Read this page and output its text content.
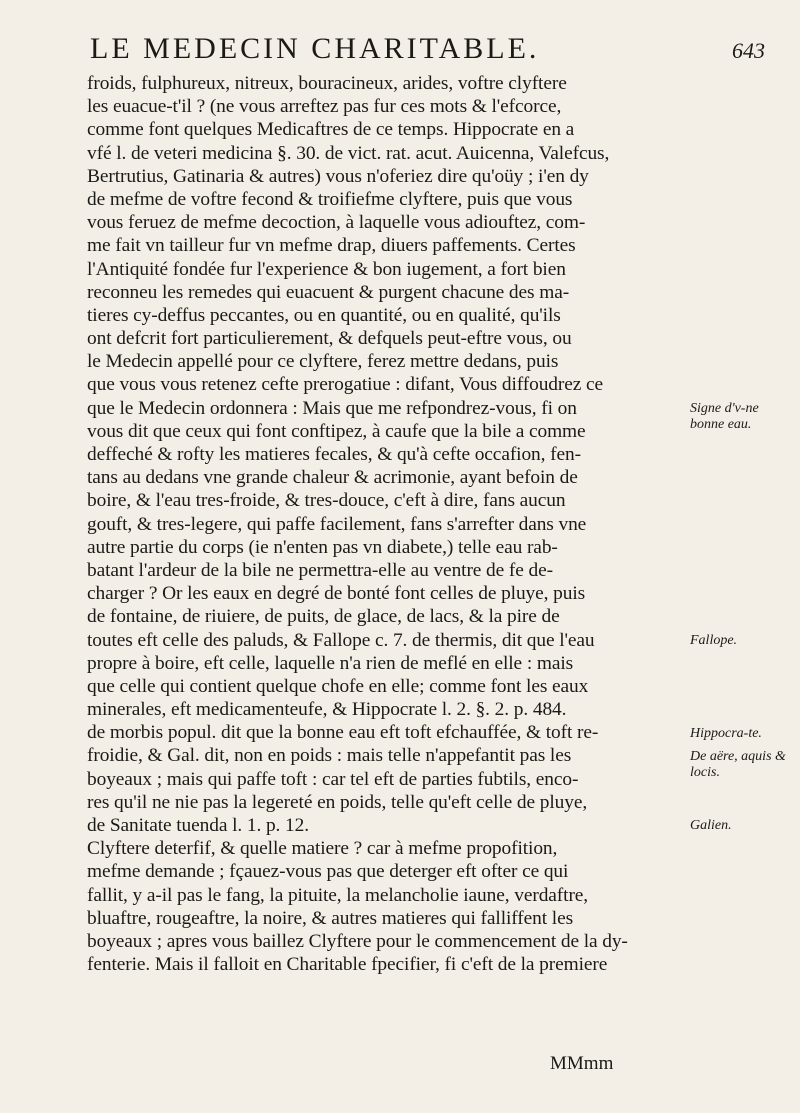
LE MEDECIN CHARITABLE.	643
froids, fulphureux, nitreux, bouracineux, arides, voftre clyftere
les euacue-t'il ? (ne vous arreftez pas fur ces mots & l'efcorce,
comme font quelques Medicaftres de ce temps. Hippocrate en a
vfé l. de veteri medicina §. 30. de vict. rat. acut. Auicenna, Valefcus,
Bertrutius, Gatinaria & autres) vous n'oferiez dire qu'oüy ; i'en dy
de mefme de voftre fecond & troifiefme clyftere, puis que vous
vous feruez de mefme decoction, à laquelle vous adiouftez, com-
me fait vn tailleur fur vn mefme drap, diuers paffements. Certes
l'Antiquité fondée fur l'experience & bon iugement, a fort bien
reconneu les remedes qui euacuent & purgent chacune des ma-
tieres cy-deffus peccantes, ou en quantité, ou en qualité, qu'ils
ont defcrit fort particulierement, & defquels peut-eftre vous, ou
le Medecin appellé pour ce clyftere, ferez mettre dedans, puis
que vous vous retenez cefte prerogatiue : difant, Vous diffoudrez ce
que le Medecin ordonnera : Mais que me refpondrez-vous, fi on
vous dit que ceux qui font conftipez, à caufe que la bile a comme
deffeché & rofty les matieres fecales, & qu'à cefte occafion, fen-
tans au dedans vne grande chaleur & acrimonie, ayant befoin de
boire, & l'eau tres-froide, & tres-douce, c'eft à dire, fans aucun
gouft, & tres-legere, qui paffe facilement, fans s'arrefter dans vne
autre partie du corps (ie n'enten pas vn diabete,) telle eau rab-
batant l'ardeur de la bile ne permettra-elle au ventre de fe de-
charger ? Or les eaux en degré de bonté font celles de pluye, puis
de fontaine, de riuiere, de puits, de glace, de lacs, & la pire de
toutes eft celle des paluds, & Fallope c. 7. de thermis, dit que l'eau
propre à boire, eft celle, laquelle n'a rien de meflé en elle : mais
que celle qui contient quelque chofe en elle; comme font les eaux
minerales, eft medicamenteufe, & Hippocrate l. 2. §. 2. p. 484.
de morbis popul. dit que la bonne eau eft toft efchauffée, & toft re-
froidie, & Gal. dit, non en poids : mais telle n'appefantit pas les
boyeaux ; mais qui paffe toft : car tel eft de parties fubtils, enco-
res qu'il ne nie pas la legereté en poids, telle qu'eft celle de pluye,
de Sanitate tuenda l. 1. p. 12.
Clyftere deterfif, & quelle matiere ? car à mefme propofition,
mefme demande ; fçauez-vous pas que deterger eft ofter ce qui
fallit, y a-il pas le fang, la pituite, la melancholie iaune, verdaftre,
bluaftre, rougeaftre, la noire, & autres matieres qui falliffent les
boyeaux ; apres vous baillez Clyftere pour le commencement de la dy-
fenterie. Mais il falloit en Charitable fpecifier, fi c'eft de la premiere
Signe d'v-ne bonne eau.
Fallope.
Hippocra-te.
De aëre, aquis & locis.
Galien.
MMmm
